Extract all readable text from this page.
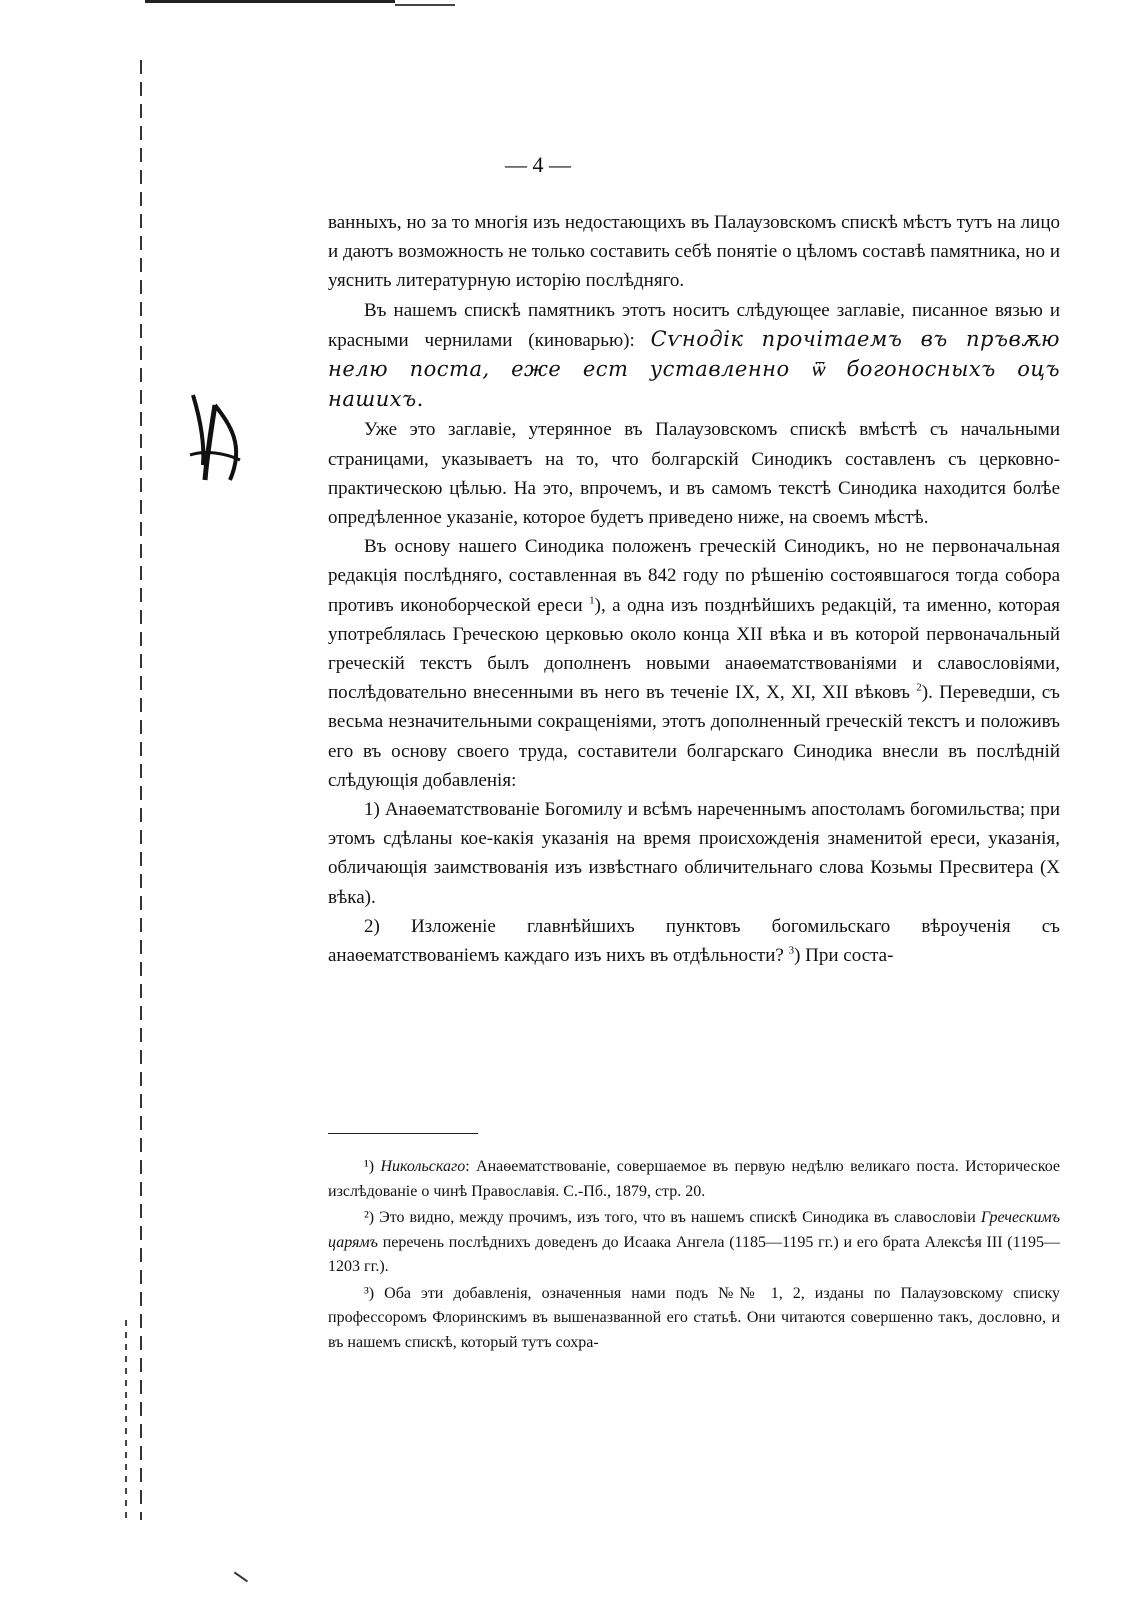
— 4 —

ванныхъ, но за то многія изъ недостающихъ въ Палаузовскомъ спискѣ мѣстъ тутъ на лицо и даютъ возможность не только составить себѣ понятіе о цѣломъ составѣ памятника, но и уяснить литературную исторію послѣдняго.

Въ нашемъ спискѣ памятникъ этотъ носитъ слѣдующее заглавіе, писанное вязью и красными чернилами (киноварью): Сѵнодік прочітаемъ въ пръвѫю нелю поста, еже ест уставленно ѿ богоносныхъ оцъ нашихъ.

Уже это заглавіе, утерянное въ Палаузовскомъ спискѣ вмѣстѣ съ начальными страницами, указываетъ на то, что болгарскій Синодикъ составленъ съ церковно-практическою цѣлью. На это, впрочемъ, и въ самомъ текстѣ Синодика находится болѣе опредѣленное указаніе, которое будетъ приведено ниже, на своемъ мѣстѣ.

Въ основу нашего Синодика положенъ греческій Синодикъ, но не первоначальная редакція послѣдняго, составленная въ 842 году по рѣшенію состоявшагося тогда собора противъ иконоборческой ереси $^1$), а одна изъ позднѣйшихъ редакцій, та именно, которая употреблялась Греческою церковью около конца XII вѣка и въ которой первоначальный греческій текстъ былъ дополненъ новыми анаѳематствованіями и славословіями, послѣдовательно внесенными въ него въ теченіе IX, X, XI, XII вѣковъ $^2$). Переведши, съ весьма незначительными сокращеніями, этотъ дополненный греческій текстъ и положивъ его въ основу своего труда, составители болгарскаго Синодика внесли въ послѣдній слѣдующія добавленія:

1) Анаѳематствованіе Богомилу и всѣмъ нареченнымъ апостоламъ богомильства; при этомъ сдѣланы кое-какія указанія на время происхожденія знаменитой ереси, указанія, обличающія заимствованія изъ извѣстнаго обличительнаго слова Козьмы Пресвитера (X вѣка).

2) Изложеніе главнѣйшихъ пунктовъ богомильскаго вѣроученія съ анаѳематствованіемъ каждаго изъ нихъ въ отдѣльности? $^3$) При соста-

¹) Никольскаго: Анаѳематствованіе, совершаемое въ первую недѣлю великаго поста. Историческое изслѣдованіе о чинѣ Православія. С.-Пб., 1879, стр. 20.

²) Это видно, между прочимъ, изъ того, что въ нашемъ спискѣ Синодика въ славословіи Греческимъ царямъ перечень послѣднихъ доведенъ до Исаака Ангела (1185—1195 гг.) и его брата Алексѣя III (1195—1203 гг.).

³) Оба эти добавленія, означенныя нами подъ №№ 1, 2, изданы по Палаузовскому списку профессоромъ Флоринскимъ въ вышеназванной его статьѣ. Они читаются совершенно такъ, дословно, и въ нашемъ спискѣ, который тутъ сохра-
